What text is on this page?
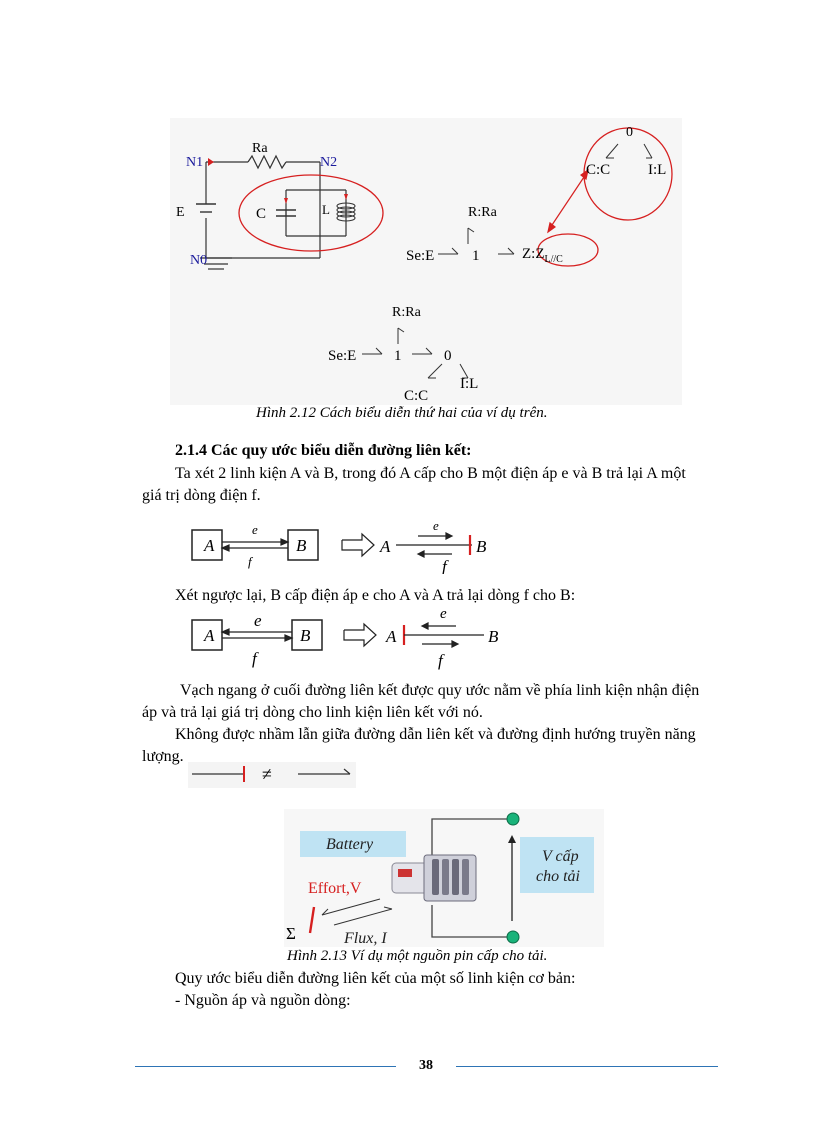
N1	N2
N0
Ra
E	C	L	R:Ra
Se:E	1	$Z:Z_{L//C}$
0
C:C	I:L
R:Ra
Se:E	1	0
C:C
I:L
Hình 2.12 Cách biểu diễn thứ hai của ví dụ trên.
2.1.4 Các quy ước biểu diễn đường liên kết:
Ta xét 2 linh kiện A và B, trong đó A cấp cho B một điện áp e và B trả lại A một
giá trị dòng điện f.
A	B
e
f
A
e
f
B
Xét ngược lại, B cấp điện áp e cho A và A trả lại dòng f cho B:
A	B
e
f
A
e
f
B
Vạch ngang ở cuối đường liên kết được quy ước nằm về phía linh kiện nhận điện
áp và trả lại giá trị dòng cho linh kiện liên kết với nó.
Không được nhầm lẫn giữa đường dẫn liên kết và đường định hướng truyền năng
lượng.
≠
Battery
V cấp
cho tải
Effort,V
Σ	Flux, I
Hình 2.13 Ví dụ một nguồn pin cấp cho tải.
Quy ước biểu diễn đường liên kết của một số linh kiện cơ bản:
- Nguồn áp và nguồn dòng:
38
